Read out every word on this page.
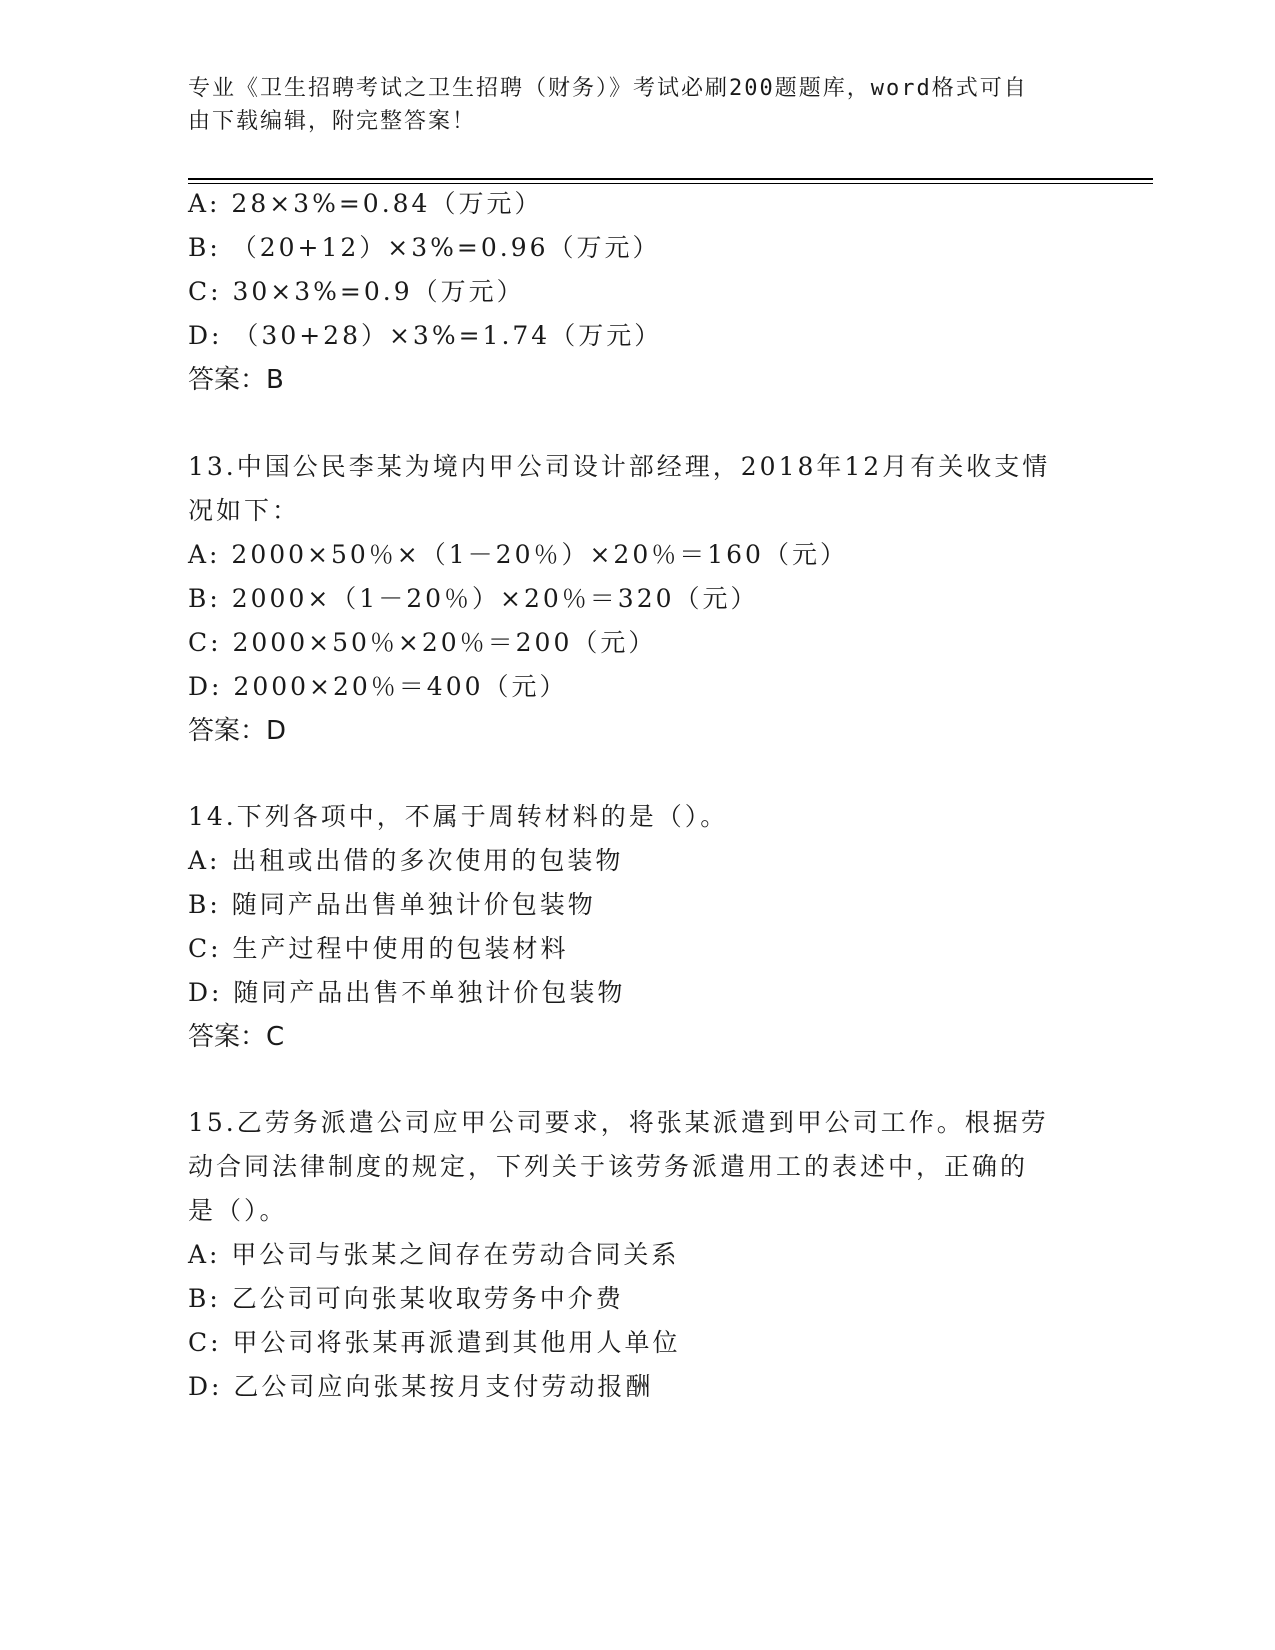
专业《卫生招聘考试之卫生招聘（财务）》考试必刷200题题库，word格式可自
由下载编辑，附完整答案！
A: 28×3%=0.84（万元）
B: （20+12）×3%=0.96（万元）
C: 30×3%=0.9（万元）
D: （30+28）×3%=1.74（万元）
答案：B
13.中国公民李某为境内甲公司设计部经理，2018年12月有关收支情
况如下：
A: 2000×50％×（1－20％）×20％＝160（元）
B: 2000×（1－20％）×20％＝320（元）
C: 2000×50％×20％＝200（元）
D: 2000×20％＝400（元）
答案：D
14.下列各项中，不属于周转材料的是（）。
A: 出租或出借的多次使用的包装物
B: 随同产品出售单独计价包装物
C: 生产过程中使用的包装材料
D: 随同产品出售不单独计价包装物
答案：C
15.乙劳务派遣公司应甲公司要求，将张某派遣到甲公司工作。根据劳
动合同法律制度的规定，下列关于该劳务派遣用工的表述中，正确的
是（）。
A: 甲公司与张某之间存在劳动合同关系
B: 乙公司可向张某收取劳务中介费
C: 甲公司将张某再派遣到其他用人单位
D: 乙公司应向张某按月支付劳动报酬
